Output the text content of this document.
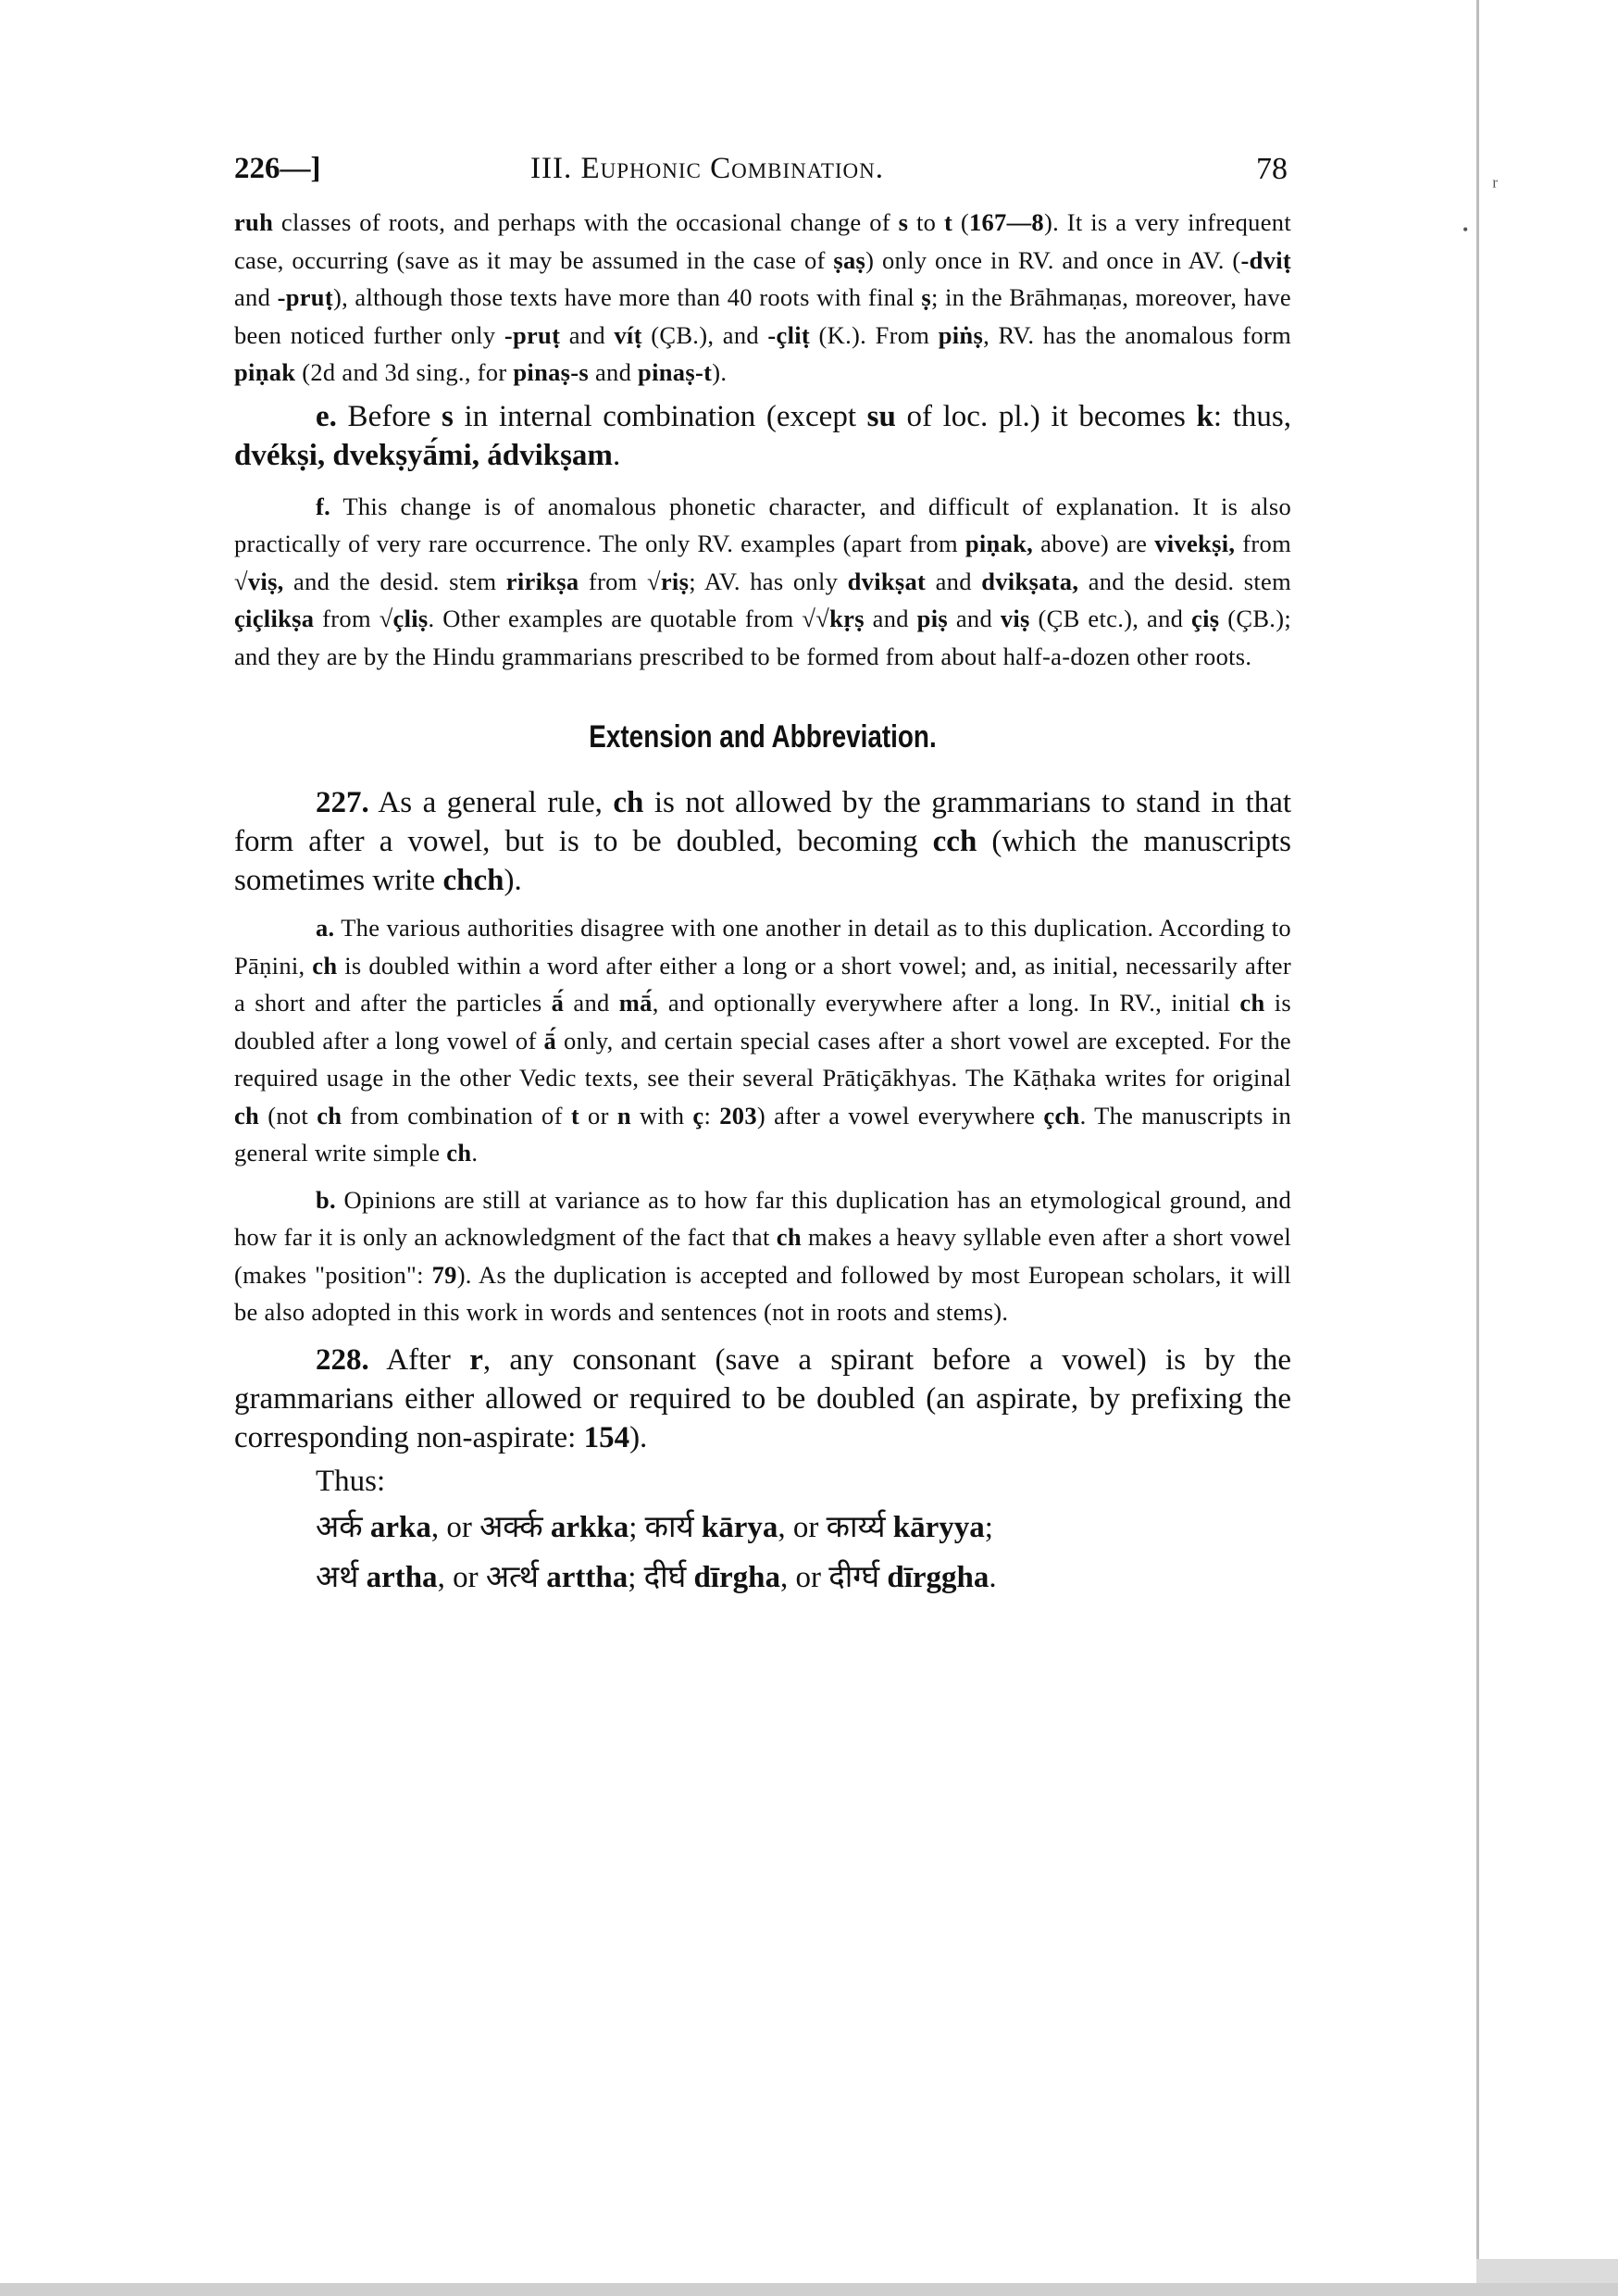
ʳ
•
226—]	III. Euphonic Combination.	78

ruh classes of roots, and perhaps with the occasional change of s to t (167—8). It is a very infrequent case, occurring (save as it may be assumed in the case of ṣaṣ) only once in RV. and once in AV. (-dviṭ and -pruṭ), although those texts have more than 40 roots with final ṣ; in the Brāhmaṇas, moreover, have been noticed further only -pruṭ and víṭ (ÇB.), and -çliṭ (K.). From piṅṣ, RV. has the anomalous form piṇak (2d and 3d sing., for pinaṣ-s and pinaṣ-t).

e. Before s in internal combination (except su of loc. pl.) it becomes k: thus, dvékṣi, dvekṣyā́mi, ádvikṣam.

f. This change is of anomalous phonetic character, and difficult of explanation. It is also practically of very rare occurrence. The only RV. examples (apart from piṇak, above) are vivekṣi, from √viṣ, and the desid. stem ririkṣa from √riṣ; AV. has only dvikṣat and dvikṣata, and the desid. stem çiçlikṣa from √çliṣ. Other examples are quotable from √√kṛṣ and piṣ and viṣ (ÇB etc.), and çiṣ (ÇB.); and they are by the Hindu grammarians prescribed to be formed from about half-a-dozen other roots.

Extension and Abbreviation.

227. As a general rule, ch is not allowed by the grammarians to stand in that form after a vowel, but is to be doubled, becoming cch (which the manuscripts sometimes write chch).

a. The various authorities disagree with one another in detail as to this duplication. According to Pāṇini, ch is doubled within a word after either a long or a short vowel; and, as initial, necessarily after a short and after the particles ā́ and mā́, and optionally everywhere after a long. In RV., initial ch is doubled after a long vowel of ā́ only, and certain special cases after a short vowel are excepted. For the required usage in the other Vedic texts, see their several Prātiçākhyas. The Kāṭhaka writes for original ch (not ch from combination of t or n with ç: 203) after a vowel everywhere çch. The manuscripts in general write simple ch.

b. Opinions are still at variance as to how far this duplication has an etymological ground, and how far it is only an acknowledgment of the fact that ch makes a heavy syllable even after a short vowel (makes "position": 79). As the duplication is accepted and followed by most European scholars, it will be also adopted in this work in words and sentences (not in roots and stems).

228. After r, any consonant (save a spirant before a vowel) is by the grammarians either allowed or required to be doubled (an aspirate, by prefixing the corresponding non-aspirate: 154).

Thus:
अर्क arka, or अर्क्क arkka; कार्य kārya, or कार्य्य kāryya;
अर्थ artha, or अर्त्थ arttha; दीर्घ dīrgha, or दीर्ग्घ dīrggha.
